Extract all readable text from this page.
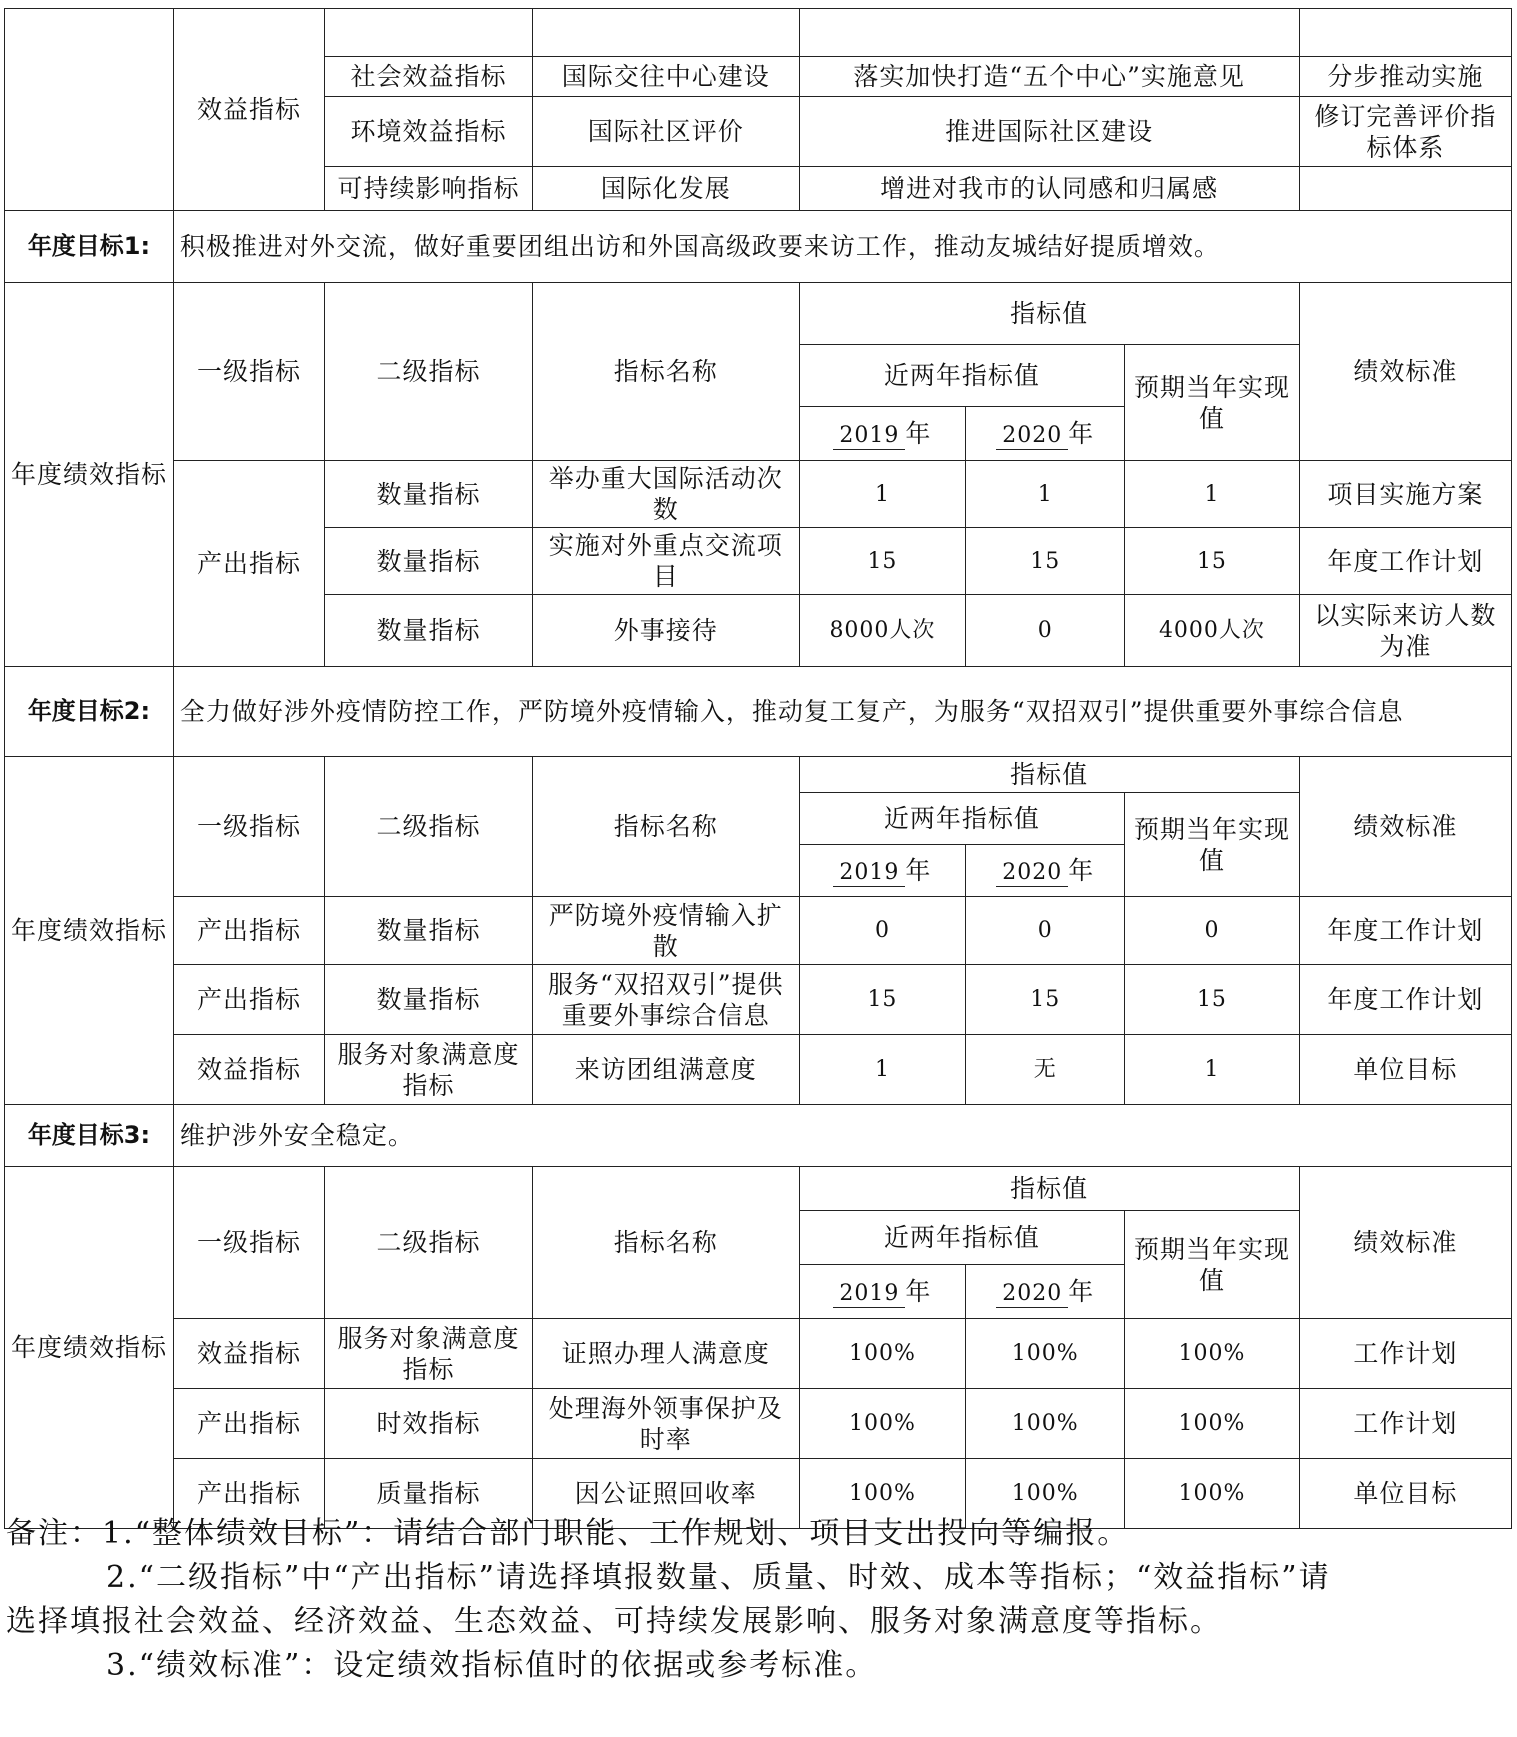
	效益指标						
		社会效益指标	国际交往中心建设	落实加快打造“五个中心”实施意见			分步推动实施
		环境效益指标	国际社区评价	推进国际社区建设			修订完善评价指标体系
		可持续影响指标	国际化发展	增进对我市的认同感和归属感			
年度目标1:	积极推进对外交流，做好重要团组出访和外国高级政要来访工作，推动友城结好提质增效。						
年度绩效指标	一级指标	二级指标	指标名称	指标值			绩效标准
				近两年指标值		预期当年实现值	
				2019 年	2020 年		
	产出指标	数量指标	举办重大国际活动次数	1	1	1	项目实施方案
		数量指标	实施对外重点交流项目	15	15	15	年度工作计划
		数量指标	外事接待	8000人次	0	4000人次	以实际来访人数为准
年度目标2:	全力做好涉外疫情防控工作，严防境外疫情输入，推动复工复产，为服务“双招双引”提供重要外事综合信息						
年度绩效指标	一级指标	二级指标	指标名称	指标值			绩效标准
				近两年指标值		预期当年实现值	
				2019 年	2020 年		
	产出指标	数量指标	严防境外疫情输入扩散	0	0	0	年度工作计划
	产出指标	数量指标	服务“双招双引”提供重要外事综合信息	15	15	15	年度工作计划
	效益指标	服务对象满意度指标	来访团组满意度	1	无	1	单位目标
年度目标3:	维护涉外安全稳定。						
年度绩效指标	一级指标	二级指标	指标名称	指标值			绩效标准
				近两年指标值		预期当年实现值	
				2019 年	2020 年		
	效益指标	服务对象满意度指标	证照办理人满意度	100%	100%	100%	工作计划
	产出指标	时效指标	处理海外领事保护及时率	100%	100%	100%	工作计划
	产出指标	质量指标	因公证照回收率	100%	100%	100%	单位目标

备注：1.“整体绩效目标”：请结合部门职能、工作规划、项目支出投向等编报。

2.“二级指标”中“产出指标”请选择填报数量、质量、时效、成本等指标；“效益指标”请

选择填报社会效益、经济效益、生态效益、可持续发展影响、服务对象满意度等指标。

3.“绩效标准”：设定绩效指标值时的依据或参考标准。
